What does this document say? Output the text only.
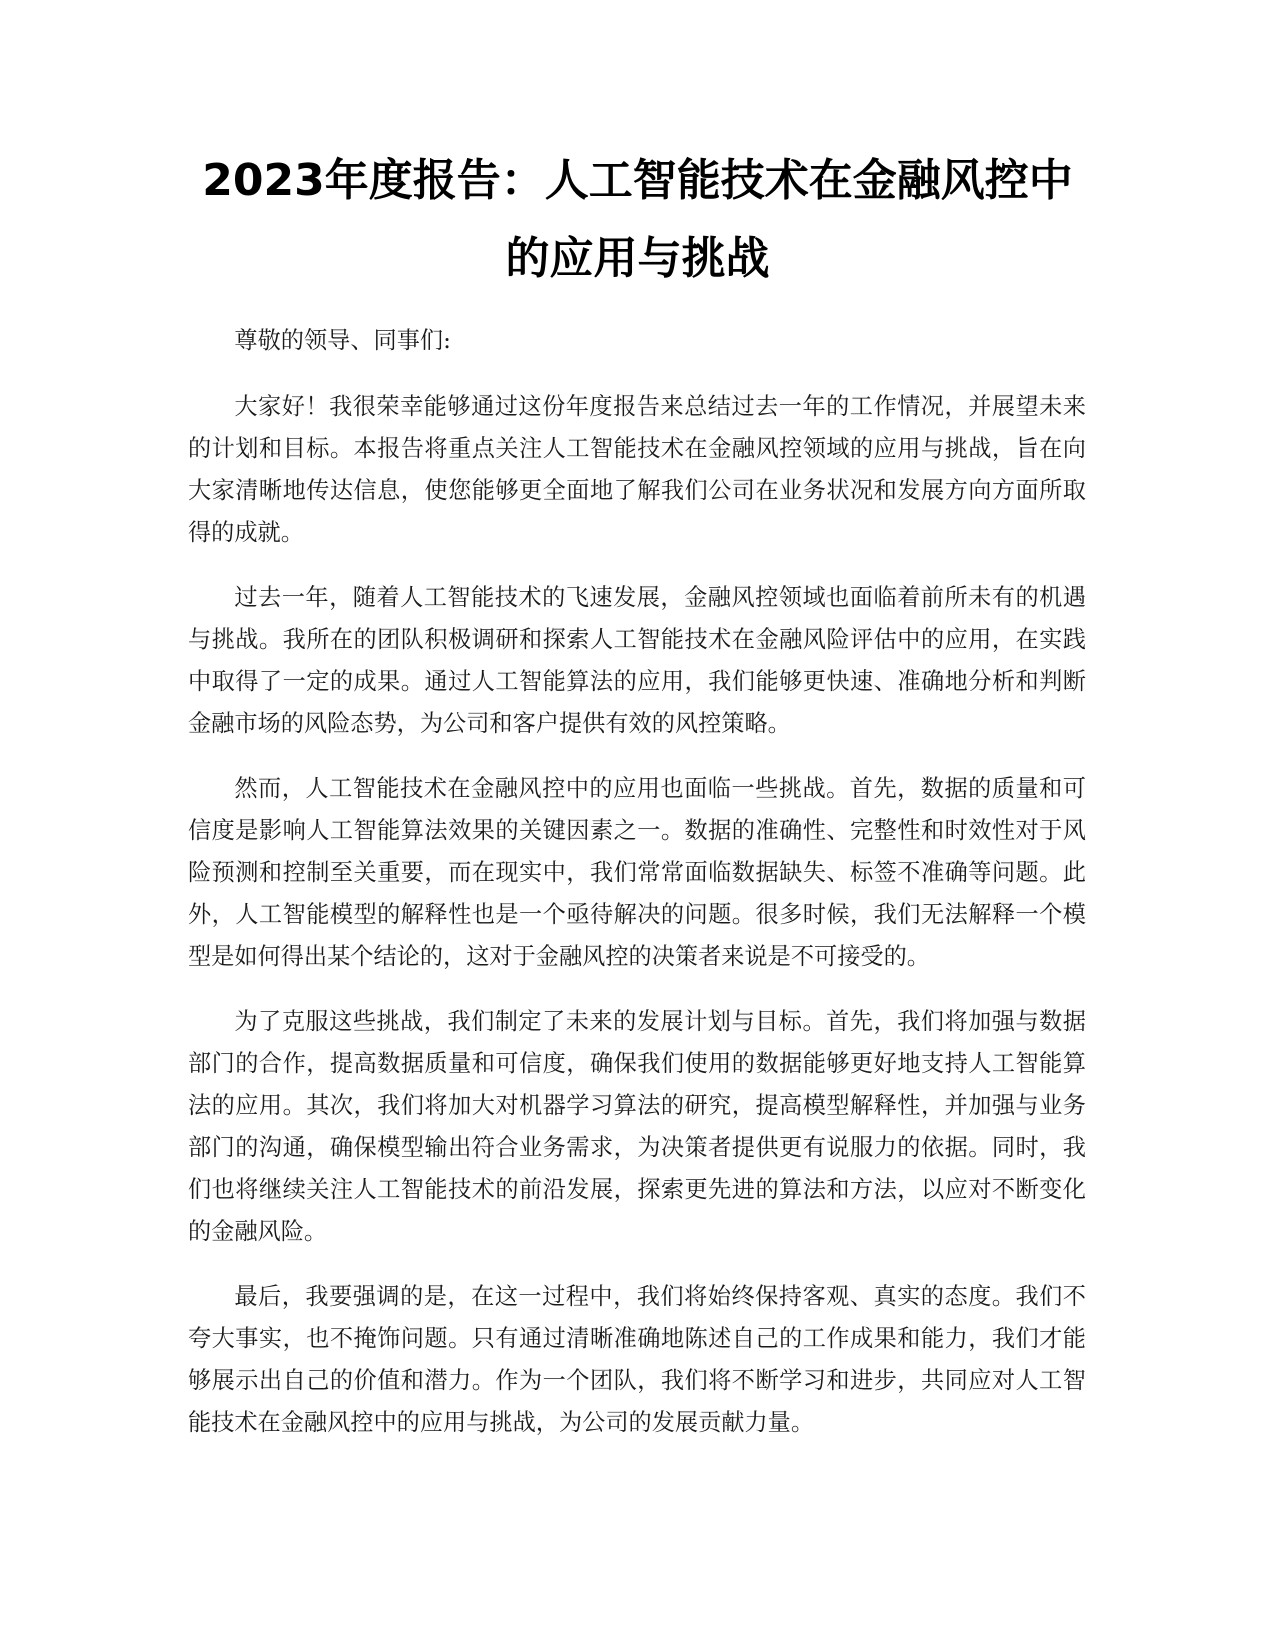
2023年度报告：人工智能技术在金融风控中
的应用与挑战

尊敬的领导、同事们:

大家好！我很荣幸能够通过这份年度报告来总结过去一年的工作情况，并展望未来的计划和目标。本报告将重点关注人工智能技术在金融风控领域的应用与挑战，旨在向大家清晰地传达信息，使您能够更全面地了解我们公司在业务状况和发展方向方面所取得的成就。

过去一年，随着人工智能技术的飞速发展，金融风控领域也面临着前所未有的机遇与挑战。我所在的团队积极调研和探索人工智能技术在金融风险评估中的应用，在实践中取得了一定的成果。通过人工智能算法的应用，我们能够更快速、准确地分析和判断金融市场的风险态势，为公司和客户提供有效的风控策略。

然而，人工智能技术在金融风控中的应用也面临一些挑战。首先，数据的质量和可信度是影响人工智能算法效果的关键因素之一。数据的准确性、完整性和时效性对于风险预测和控制至关重要，而在现实中，我们常常面临数据缺失、标签不准确等问题。此外，人工智能模型的解释性也是一个亟待解决的问题。很多时候，我们无法解释一个模型是如何得出某个结论的，这对于金融风控的决策者来说是不可接受的。

为了克服这些挑战，我们制定了未来的发展计划与目标。首先，我们将加强与数据部门的合作，提高数据质量和可信度，确保我们使用的数据能够更好地支持人工智能算法的应用。其次，我们将加大对机器学习算法的研究，提高模型解释性，并加强与业务部门的沟通，确保模型输出符合业务需求，为决策者提供更有说服力的依据。同时，我们也将继续关注人工智能技术的前沿发展，探索更先进的算法和方法，以应对不断变化的金融风险。

最后，我要强调的是，在这一过程中，我们将始终保持客观、真实的态度。我们不夸大事实，也不掩饰问题。只有通过清晰准确地陈述自己的工作成果和能力，我们才能够展示出自己的价值和潜力。作为一个团队，我们将不断学习和进步，共同应对人工智能技术在金融风控中的应用与挑战，为公司的发展贡献力量。
